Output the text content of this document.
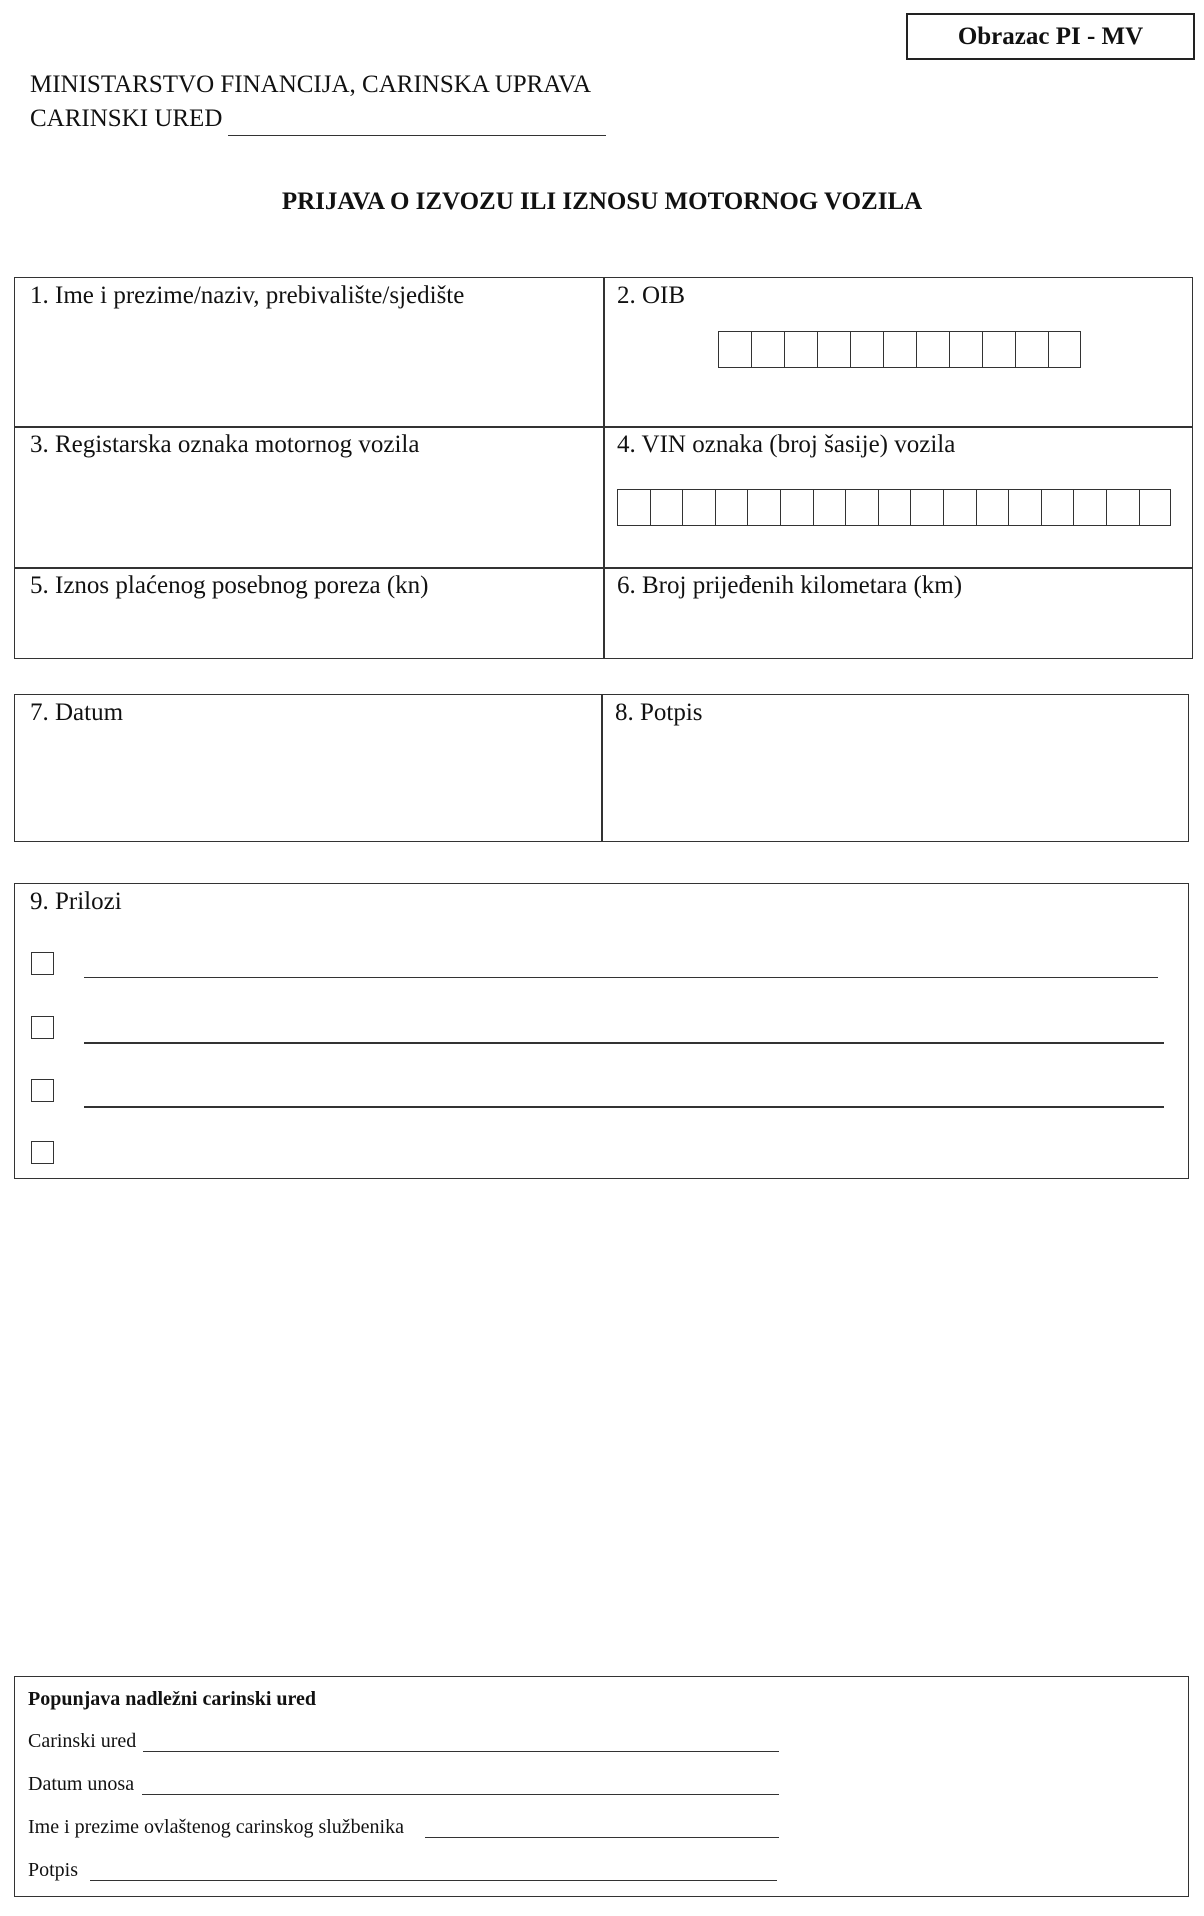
Obrazac PI - MV
MINISTARSTVO FINANCIJA, CARINSKA UPRAVA
CARINSKI URED
PRIJAVA O IZVOZU ILI IZNOSU MOTORNOG VOZILA
1. Ime i prezime/naziv, prebivalište/sjedište	2. OIB
3. Registarska oznaka motornog vozila	4. VIN oznaka (broj šasije) vozila
5. Iznos plaćenog posebnog poreza (kn)	6. Broj prijeđenih kilometara (km)
7. Datum	8. Potpis
9. Prilozi
Popunjava nadležni carinski ured
Carinski ured
Datum unosa
Ime i prezime ovlaštenog carinskog službenika
Potpis
